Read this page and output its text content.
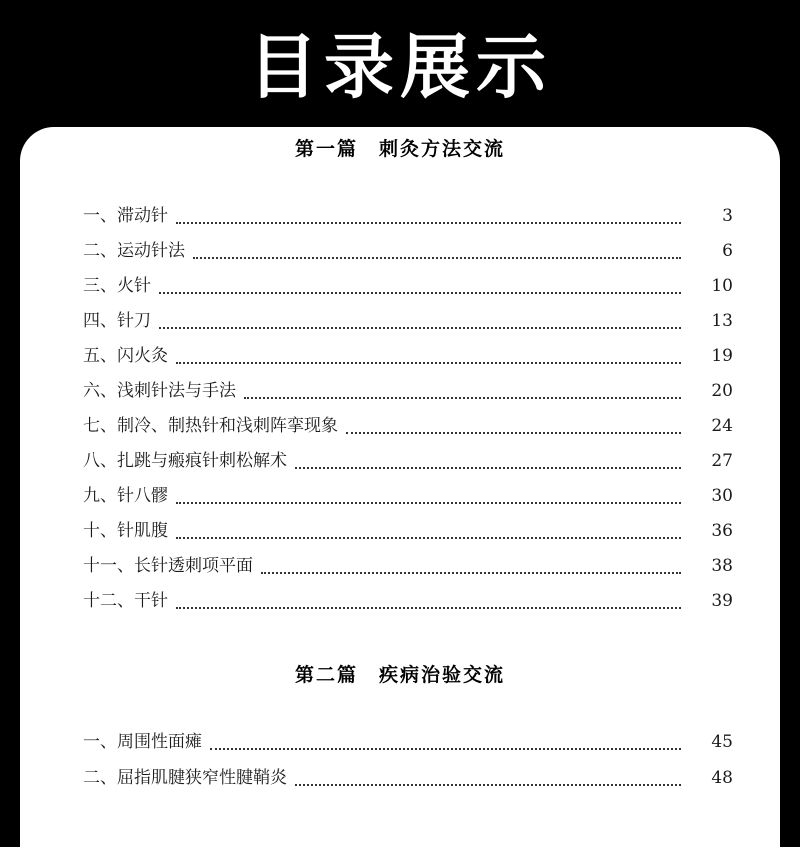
目录展示
第一篇　刺灸方法交流
一、滞动针	3
二、运动针法	6
三、火针	10
四、针刀	13
五、闪火灸	19
六、浅刺针法与手法	20
七、制冷、制热针和浅刺阵挛现象	24
八、扎跳与瘢痕针刺松解术	27
九、针八髎	30
十、针肌腹	36
十一、长针透刺项平面	38
十二、干针	39
第二篇　疾病治验交流
一、周围性面瘫	45
二、屈指肌腱狭窄性腱鞘炎	48
